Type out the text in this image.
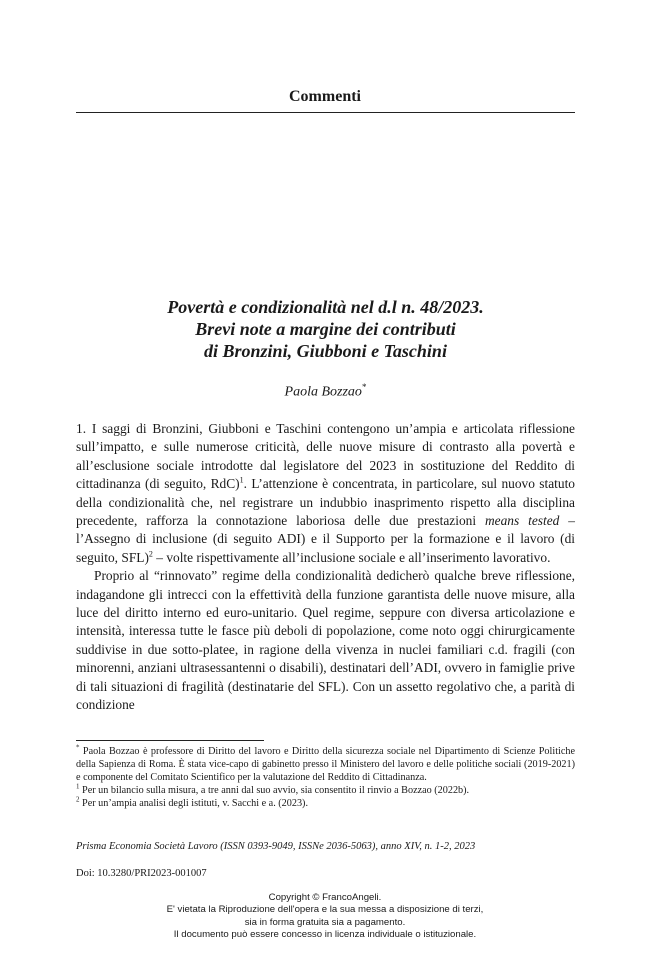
Commenti
Povertà e condizionalità nel d.l n. 48/2023.
Brevi note a margine dei contributi
di Bronzini, Giubboni e Taschini
Paola Bozzao*

1. I saggi di Bronzini, Giubboni e Taschini contengono un’ampia e articolata riflessione sull’impatto, e sulle numerose criticità, delle nuove misure di contrasto alla povertà e all’esclusione sociale introdotte dal legislatore del 2023 in sostituzione del Reddito di cittadinanza (di seguito, RdC)$^1$. L’attenzione è concentrata, in particolare, sul nuovo statuto della condizionalità che, nel registrare un indubbio inasprimento rispetto alla disciplina precedente, rafforza la connotazione laboriosa delle due prestazioni means tested – l’Assegno di inclusione (di seguito ADI) e il Supporto per la formazione e il lavoro (di seguito, SFL)$^2$ – volte rispettivamente all’inclusione sociale e all’inserimento lavorativo.

Proprio al “rinnovato” regime della condizionalità dedicherò qualche breve riflessione, indagandone gli intrecci con la effettività della funzione garantista delle nuove misure, alla luce del diritto interno ed euro-unitario. Quel regime, seppure con diversa articolazione e intensità, interessa tutte le fasce più deboli di popolazione, come noto oggi chirurgicamente suddivise in due sotto-platee, in ragione della vivenza in nuclei familiari c.d. fragili (con minorenni, anziani ultrasessantenni o disabili), destinatari dell’ADI, ovvero in famiglie prive di tali situazioni di fragilità (destinatarie del SFL). Con un assetto regolativo che, a parità di condizione

* Paola Bozzao è professore di Diritto del lavoro e Diritto della sicurezza sociale nel Dipartimento di Scienze Politiche della Sapienza di Roma. È stata vice-capo di gabinetto presso il Ministero del lavoro e delle politiche sociali (2019-2021) e componente del Comitato Scientifico per la valutazione del Reddito di Cittadinanza.

$^1$ Per un bilancio sulla misura, a tre anni dal suo avvio, sia consentito il rinvio a Bozzao (2022b).

$^2$ Per un’ampia analisi degli istituti, v. Sacchi e a. (2023).

Prisma Economia Società Lavoro (ISSN 0393-9049, ISSNe 2036-5063), anno XIV, n. 1-2, 2023
Doi: 10.3280/PRI2023-001007
Copyright © FrancoAngeli.
E' vietata la Riproduzione dell'opera e la sua messa a disposizione di terzi,
sia in forma gratuita sia a pagamento.
Il documento può essere concesso in licenza individuale o istituzionale.
